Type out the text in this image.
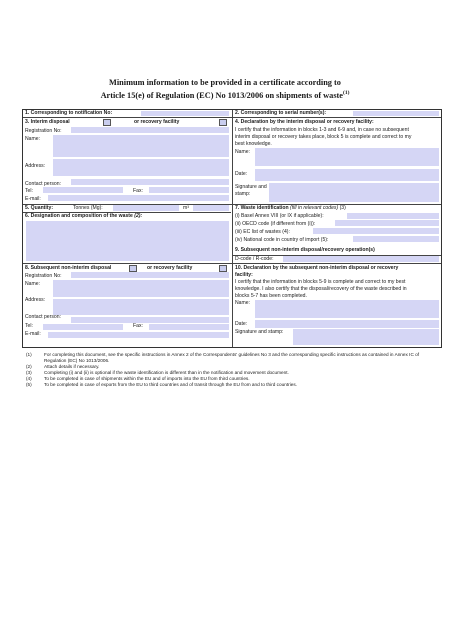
Minimum information to be provided in a certificate according to
Article 15(e) of Regulation (EC) No 1013/2006 on shipments of waste$^{(1)}$
1. Corresponding to notification No:	2. Corresponding to serial number(s):
3. Interim disposal	or recovery facility
Registration No:
Name:
Address:
Contact person:
Tel:	Fax:
E-mail:
4. Declaration by the interim disposal or recovery facility:
I certify that the information in blocks 1-3 and 6-9 and, in case no subsequent
interim disposal or recovery takes place, block 5 is complete and correct to my
best knowledge.
Name:
Date:
Signature and
stamp:
5. Quantity:	Tonnes (Mg):	m³
6. Designation and composition of the waste (2):
7. Waste identification (fill in relevant codes) (3)
(i) Basel Annex VIII (or IX if applicable):
(ii) OECD code (if different from (i)):
(iii) EC list of wastes (4):
(iv) National code in country of import (5):
9. Subsequent non-interim disposal/recovery operation(s)
D-code / R-code:
8. Subsequent non-interim disposal	or recovery facility
Registration No:
Name:
Address:
Contact person:
Tel:	Fax:
E-mail:
10. Declaration by the subsequent non-interim disposal or recovery
facility:
I certify that the information in blocks 5-9 is complete and correct to my best
knowledge. I also certify that the disposal/recovery of the waste described in
blocks 5-7 has been completed.
Name:
Date:
Signature and stamp:
(1)	For completing this document, see the specific instructions in Annex 2 of the Correspondents' guidelines No 3 and the corresponding specific instructions as contained in Annex IC of Regulation (EC) No 1013/2006.
(2)	Attach details if necessary.
(3)	Completing (i) and (ii) is optional if the waste identification is different than in the notification and movement document.
(4)	To be completed in case of shipments within the EU and of imports into the EU from third countries.
(5)	To be completed in case of exports from the EU to third countries and of transit through the EU from and to third countries.
